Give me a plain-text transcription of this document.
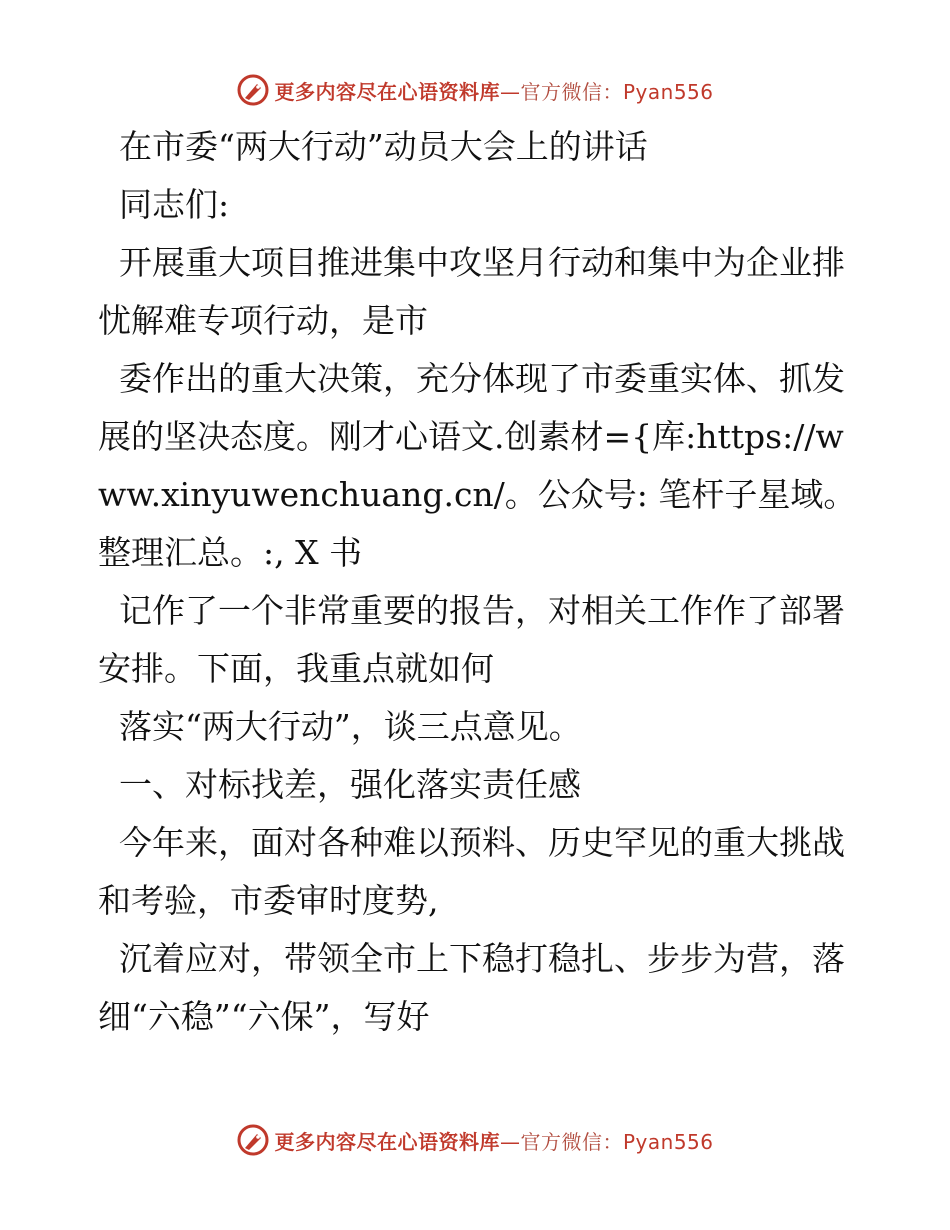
更多内容尽在心语资料库—官方微信：Pyan556

在市委“两大行动”动员大会上的讲话

同志们:

开展重大项目推进集中攻坚月行动和集中为企业排忧解难专项行动，是市

委作出的重大决策，充分体现了市委重实体、抓发展的坚决态度。刚才心语文.创素材={库:https://www.xinyuwenchuang.cn/。公众号: 笔杆子星域。整理汇总。:, X 书

记作了一个非常重要的报告，对相关工作作了部署安排。下面，我重点就如何

落实“两大行动”，谈三点意见。

一、对标找差，强化落实责任感

今年来，面对各种难以预料、历史罕见的重大挑战和考验，市委审时度势,

沉着应对，带领全市上下稳打稳扎、步步为营，落细“六稳”“六保”，写好

更多内容尽在心语资料库—官方微信：Pyan556
